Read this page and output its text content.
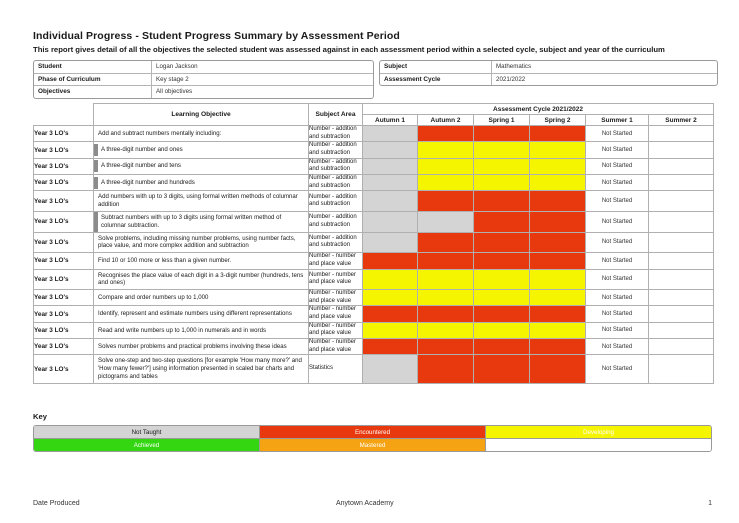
Individual Progress - Student Progress Summary by Assessment Period
This report gives detail of all the objectives the selected student was assessed against in each assessment period within a selected cycle, subject and year of the curriculum
Student	Logan Jackson
Phase of Curriculum	Key stage 2
Objectives	All objectives
Subject	Mathematics
Assessment Cycle	2021/2022
	Learning Objective	Subject Area	Assessment Cycle 2021/2022					
			Autumn 1	Autumn 2	Spring 1	Spring 2	Summer 1	Summer 2
Year 3 LO's	Add and subtract numbers mentally including:	Number - addition and subtraction					Not Started	
Year 3 LO's	A three-digit number and ones	Number - addition and subtraction					Not Started	
Year 3 LO's	A three-digit number and tens	Number - addition and subtraction					Not Started	
Year 3 LO's	A three-digit number and hundreds	Number - addition and subtraction					Not Started	
Year 3 LO's	Add numbers with up to 3 digits, using formal written methods of columnar addition	Number - addition and subtraction					Not Started	
Year 3 LO's	Subtract numbers with up to 3 digits using formal written method of columnar subtraction.	Number - addition and subtraction					Not Started	
Year 3 LO's	Solve problems, including missing number problems, using number facts, place value, and more complex addition and subtraction	Number - addition and subtraction					Not Started	
Year 3 LO's	Find 10 or 100 more or less than a given number.	Number - number and place value					Not Started	
Year 3 LO's	Recognises the place value of each digit in a 3-digit number (hundreds, tens and ones)	Number - number and place value					Not Started	
Year 3 LO's	Compare and order numbers up to 1,000	Number - number and place value					Not Started	
Year 3 LO's	Identify, represent and estimate numbers using different representations	Number - number and place value					Not Started	
Year 3 LO's	Read and write numbers up to 1,000 in numerals and in words	Number - number and place value					Not Started	
Year 3 LO's	Solves number problems and practical problems involving these ideas	Number - number and place value					Not Started	
Year 3 LO's	Solve one-step and two-step questions [for example 'How many more?' and 'How many fewer?'] using information presented in scaled bar charts and pictograms and tables	Statistics					Not Started	
Key
Not Taught	Encountered	Developing
Achieved	Mastered
Date Produced	Anytown Academy	1
